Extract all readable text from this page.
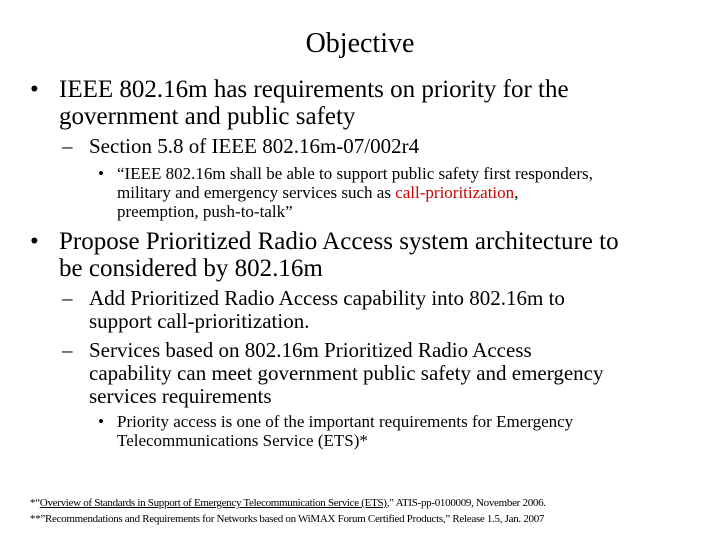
Objective
• IEEE 802.16m has requirements on priority for the
government and public safety
– Section 5.8 of IEEE 802.16m-07/002r4
• “IEEE 802.16m shall be able to support public safety first responders,
military and emergency services such as call-prioritization,
preemption, push-to-talk”
• Propose Prioritized Radio Access system architecture to
be considered by 802.16m
– Add Prioritized Radio Access capability into 802.16m to
support call-prioritization.
– Services based on 802.16m Prioritized Radio Access
capability can meet government public safety and emergency
services requirements
• Priority access is one of the important requirements for Emergency
Telecommunications Service (ETS)*
*“Overview of Standards in Support of Emergency Telecommunication Service (ETS),” ATIS-pp-0100009, November 2006.
**”Recommendations and Requirements for Networks based on WiMAX Forum Certified Products,” Release 1.5, Jan. 2007
